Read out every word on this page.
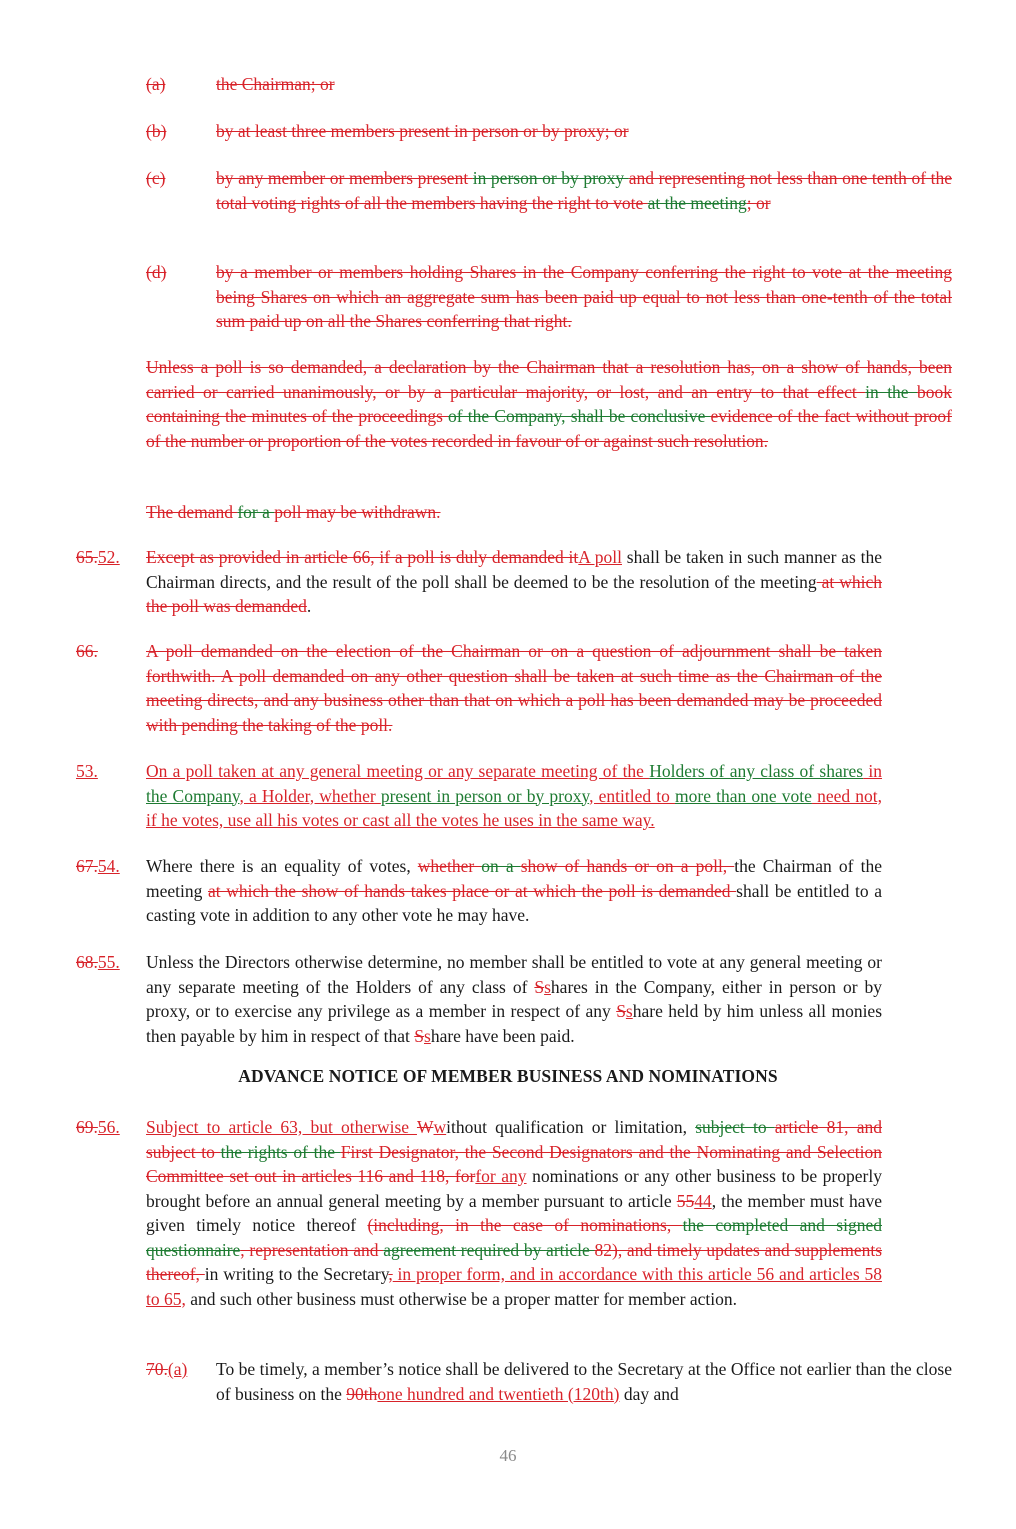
(a)	the Chairman; or
(b)	by at least three members present in person or by proxy; or
(c)	by any member or members present in person or by proxy and representing not less than one tenth of the total voting rights of all the members having the right to vote at the meeting; or
(d)	by a member or members holding Shares in the Company conferring the right to vote at the meeting being Shares on which an aggregate sum has been paid up equal to not less than one-tenth of the total sum paid up on all the Shares conferring that right.
Unless a poll is so demanded, a declaration by the Chairman that a resolution has, on a show of hands, been carried or carried unanimously, or by a particular majority, or lost, and an entry to that effect in the book containing the minutes of the proceedings of the Company, shall be conclusive evidence of the fact without proof of the number or proportion of the votes recorded in favour of or against such resolution.
The demand for a poll may be withdrawn.
65.52. Except as provided in article 66, if a poll is duly demanded itA poll shall be taken in such manner as the Chairman directs, and the result of the poll shall be deemed to be the resolution of the meeting at which the poll was demanded.
66.	A poll demanded on the election of the Chairman or on a question of adjournment shall be taken forthwith. A poll demanded on any other question shall be taken at such time as the Chairman of the meeting directs, and any business other than that on which a poll has been demanded may be proceeded with pending the taking of the poll.
53.	On a poll taken at any general meeting or any separate meeting of the Holders of any class of shares in the Company, a Holder, whether present in person or by proxy, entitled to more than one vote need not, if he votes, use all his votes or cast all the votes he uses in the same way.
67.54. Where there is an equality of votes, whether on a show of hands or on a poll, the Chairman of the meeting at which the show of hands takes place or at which the poll is demanded shall be entitled to a casting vote in addition to any other vote he may have.
68.55. Unless the Directors otherwise determine, no member shall be entitled to vote at any general meeting or any separate meeting of the Holders of any class of Sshares in the Company, either in person or by proxy, or to exercise any privilege as a member in respect of any Sshare held by him unless all monies then payable by him in respect of that Sshare have been paid.
ADVANCE NOTICE OF MEMBER BUSINESS AND NOMINATIONS
69.56. Subject to article 63, but otherwise Wwithout qualification or limitation, subject to article 81, and subject to the rights of the First Designator, the Second Designators and the Nominating and Selection Committee set out in articles 116 and 118, forfor any nominations or any other business to be properly brought before an annual general meeting by a member pursuant to article 5544, the member must have given timely notice thereof (including, in the case of nominations, the completed and signed questionnaire, representation and agreement required by article 82), and timely updates and supplements thereof, in writing to the Secretary, in proper form, and in accordance with this article 56 and articles 58 to 65, and such other business must otherwise be a proper matter for member action.
70.(a) To be timely, a member’s notice shall be delivered to the Secretary at the Office not earlier than the close of business on the 90thone hundred and twentieth (120th) day and
46
